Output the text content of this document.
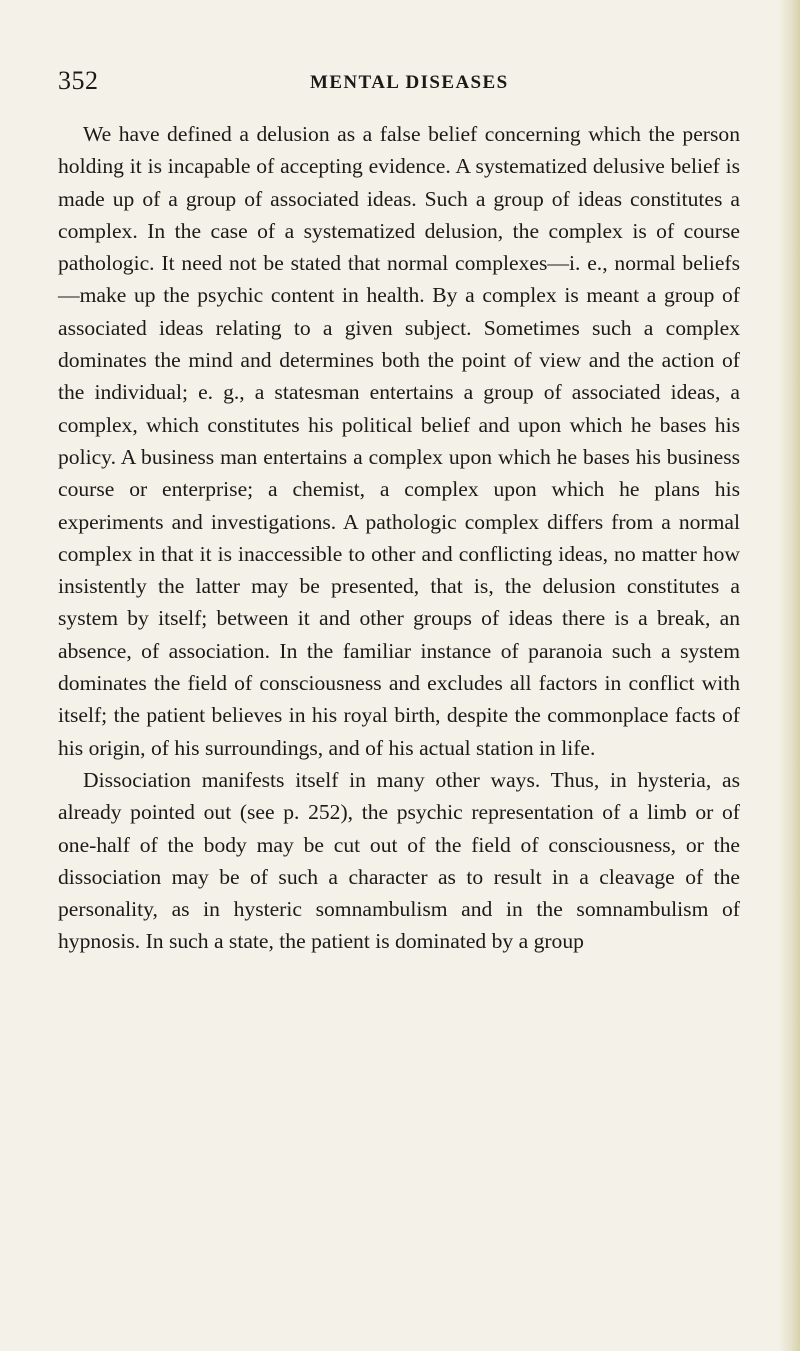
352	MENTAL DISEASES

We have defined a delusion as a false belief concerning which the person holding it is incapable of accepting evidence. A systematized delusive belief is made up of a group of associated ideas. Such a group of ideas constitutes a complex. In the case of a systematized delusion, the complex is of course pathologic. It need not be stated that normal complexes—i. e., normal beliefs—make up the psychic content in health. By a complex is meant a group of associated ideas relating to a given subject. Sometimes such a complex dominates the mind and determines both the point of view and the action of the individual; e. g., a statesman entertains a group of associated ideas, a complex, which constitutes his political belief and upon which he bases his policy. A business man entertains a complex upon which he bases his business course or enterprise; a chemist, a complex upon which he plans his experiments and investigations. A pathologic complex differs from a normal complex in that it is inaccessible to other and conflicting ideas, no matter how insistently the latter may be presented, that is, the delusion constitutes a system by itself; between it and other groups of ideas there is a break, an absence, of association. In the familiar instance of paranoia such a system dominates the field of consciousness and excludes all factors in conflict with itself; the patient believes in his royal birth, despite the commonplace facts of his origin, of his surroundings, and of his actual station in life.

Dissociation manifests itself in many other ways. Thus, in hysteria, as already pointed out (see p. 252), the psychic representation of a limb or of one-half of the body may be cut out of the field of consciousness, or the dissociation may be of such a character as to result in a cleavage of the personality, as in hysteric somnambulism and in the somnambulism of hypnosis. In such a state, the patient is dominated by a group
